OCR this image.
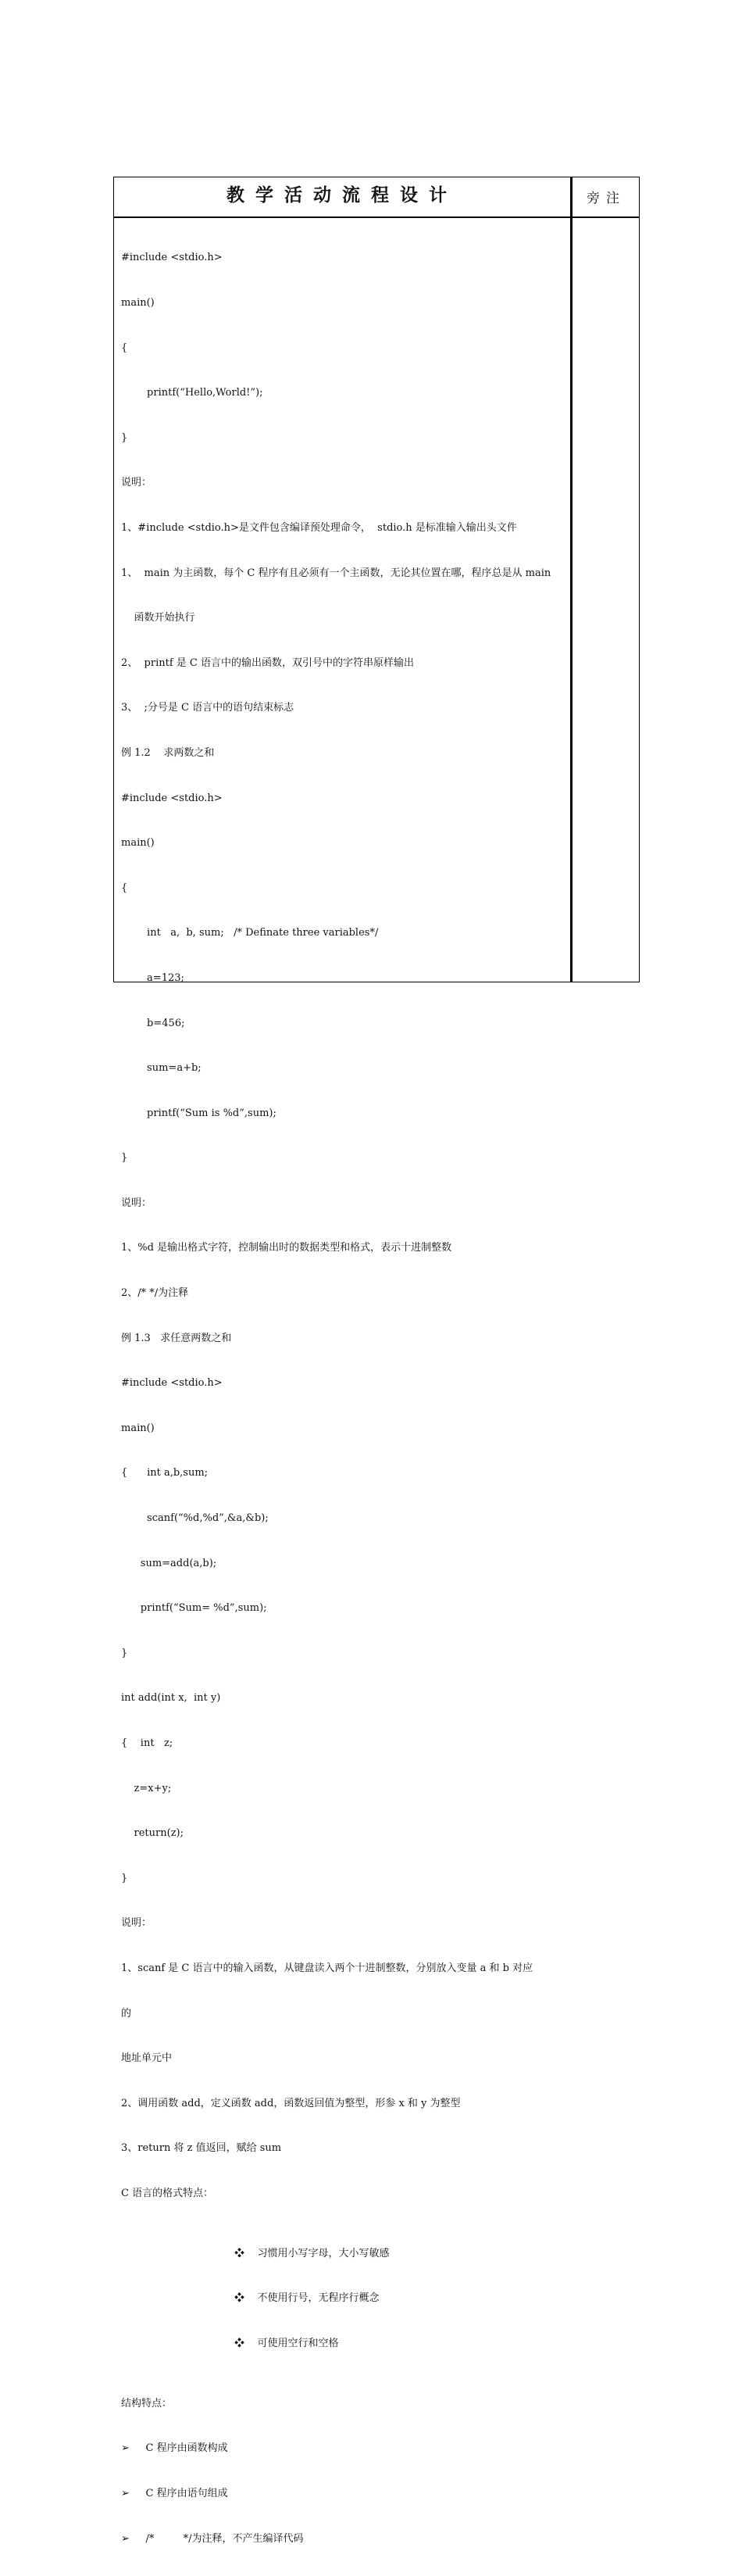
教学活动流程设计	旁注

#include <stdio.h>

main()

{

printf(“Hello,World!”);

}

说明：

1、#include <stdio.h>是文件包含编译预处理命令，  stdio.h 是标准输入输出头文件

1、  main 为主函数，每个 C 程序有且必须有一个主函数，无论其位置在哪，程序总是从 main

函数开始执行

2、  printf 是 C 语言中的输出函数，双引号中的字符串原样输出

3、  ;分号是 C 语言中的语句结束标志

例 1.2    求两数之和

#include <stdio.h>

main()

{

int   a,  b, sum;   /* Definate three variables*/

a=123;

b=456;

sum=a+b;

printf(“Sum is %d”,sum);

}

说明：

1、%d 是输出格式字符，控制输出时的数据类型和格式，表示十进制整数

2、/* */为注释

例 1.3   求任意两数之和

#include <stdio.h>

main()

{      int a,b,sum;

scanf(“%d,%d”,&a,&b);

sum=add(a,b);

printf(“Sum= %d”,sum);

}

int add(int x,  int y)

{    int   z;

z=x+y;

return(z);

}

说明：

1、scanf 是 C 语言中的输入函数，从键盘读入两个十进制整数，分别放入变量 a 和 b 对应

的

地址单元中

2、调用函数 add，定义函数 add，函数返回值为整型，形参 x 和 y 为整型

3、return 将 z 值返回，赋给 sum

C 语言的格式特点：

❖    习惯用小写字母，大小写敏感

❖    不使用行号，无程序行概念

❖    可使用空行和空格

结构特点：

➢     C 程序由函数构成

➢     C 程序由语句组成

➢     /*         */为注释，不产生编译代码
